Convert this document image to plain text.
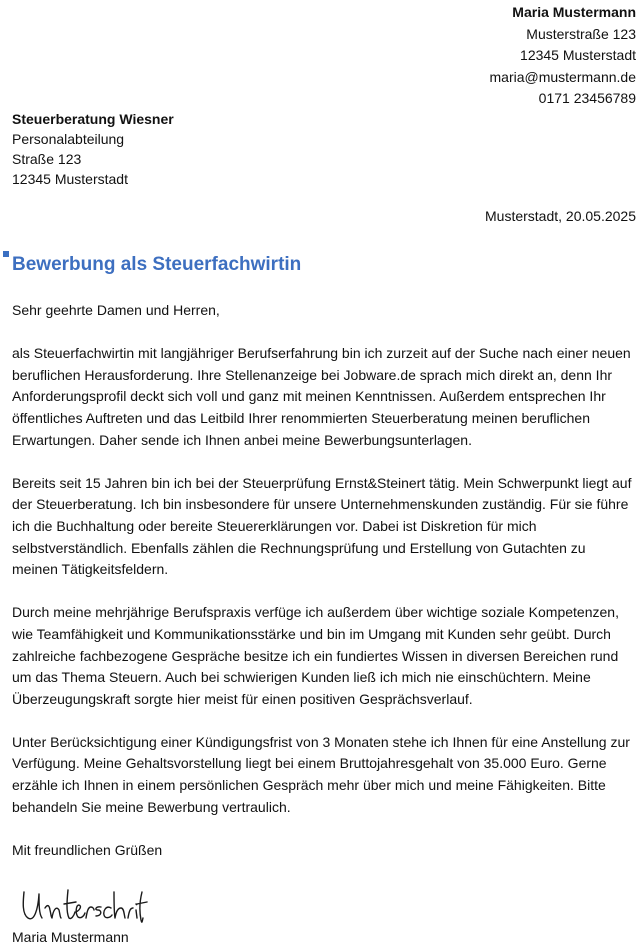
Maria Mustermann
Musterstraße 123
12345 Musterstadt
maria@mustermann.de
0171 23456789
Steuerberatung Wiesner
Personalabteilung
Straße 123
12345 Musterstadt
Musterstadt, 20.05.2025
Bewerbung als Steuerfachwirtin

Sehr geehrte Damen und Herren,

als Steuerfachwirtin mit langjähriger Berufserfahrung bin ich zurzeit auf der Suche nach einer neuen beruflichen Herausforderung. Ihre Stellenanzeige bei Jobware.de sprach mich direkt an, denn Ihr Anforderungsprofil deckt sich voll und ganz mit meinen Kenntnissen. Außerdem entsprechen Ihr öffentliches Auftreten und das Leitbild Ihrer renommierten Steuerberatung meinen beruflichen Erwartungen. Daher sende ich Ihnen anbei meine Bewerbungsunterlagen.

Bereits seit 15 Jahren bin ich bei der Steuerprüfung Ernst&Steinert tätig. Mein Schwerpunkt liegt auf der Steuerberatung. Ich bin insbesondere für unsere Unternehmenskunden zuständig. Für sie führe ich die Buchhaltung oder bereite Steuererklärungen vor. Dabei ist Diskretion für mich selbstverständlich. Ebenfalls zählen die Rechnungsprüfung und Erstellung von Gutachten zu meinen Tätigkeitsfeldern.

Durch meine mehrjährige Berufspraxis verfüge ich außerdem über wichtige soziale Kompetenzen, wie Teamfähigkeit und Kommunikationsstärke und bin im Umgang mit Kunden sehr geübt. Durch zahlreiche fachbezogene Gespräche besitze ich ein fundiertes Wissen in diversen Bereichen rund um das Thema Steuern. Auch bei schwierigen Kunden ließ ich mich nie einschüchtern. Meine Überzeugungskraft sorgte hier meist für einen positiven Gesprächsverlauf.

Unter Berücksichtigung einer Kündigungsfrist von 3 Monaten stehe ich Ihnen für eine Anstellung zur Verfügung. Meine Gehaltsvorstellung liegt bei einem Bruttojahresgehalt von 35.000 Euro. Gerne erzähle ich Ihnen in einem persönlichen Gespräch mehr über mich und meine Fähigkeiten. Bitte behandeln Sie meine Bewerbung vertraulich.

Mit freundlichen Grüßen

Maria Mustermann
